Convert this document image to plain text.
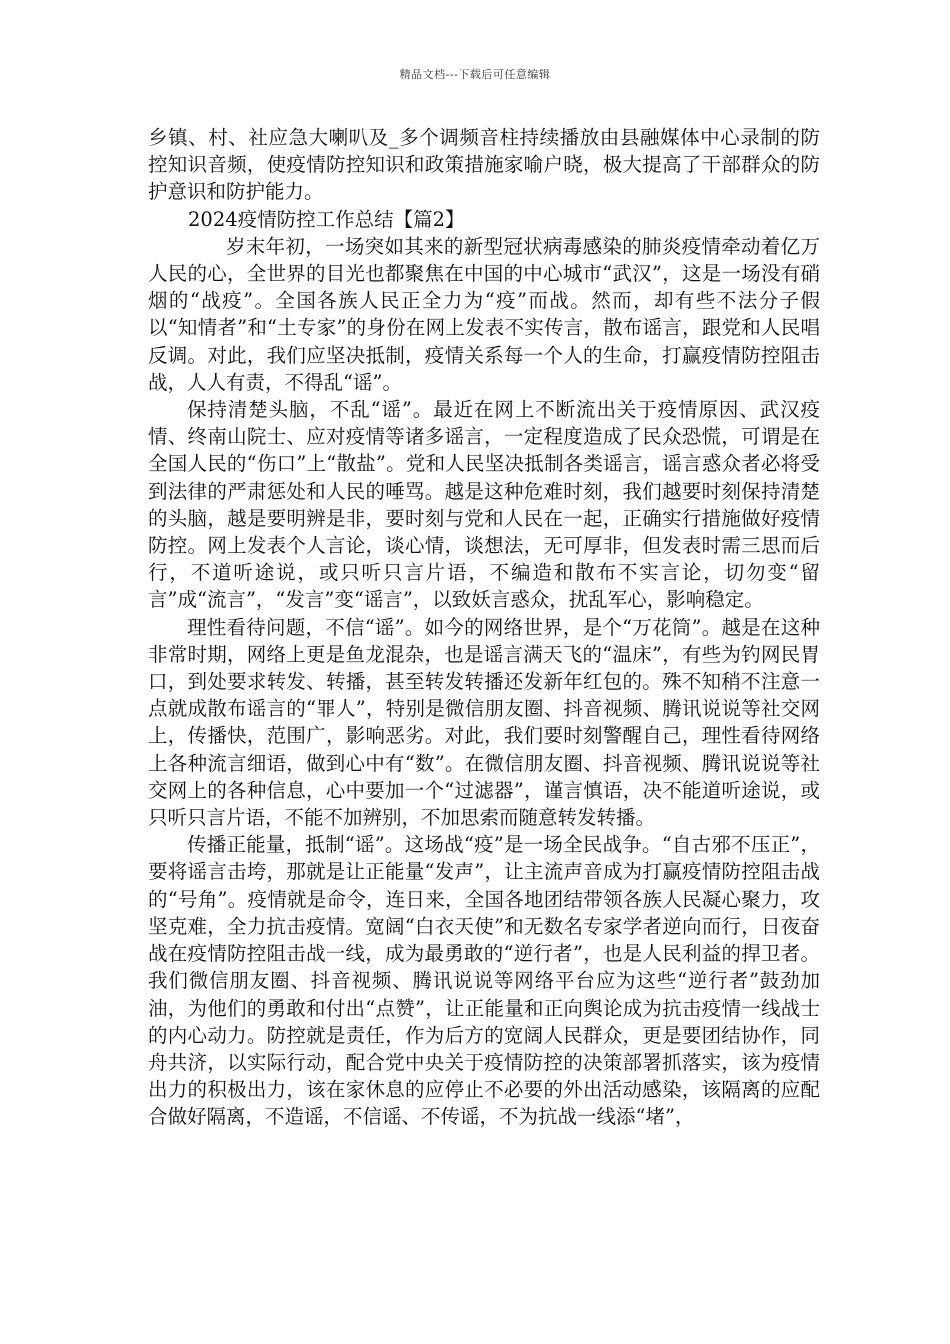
精品文档---下载后可任意编辑

乡镇、村、社应急大喇叭及_多个调频音柱持续播放由县融媒体中心录制的防控知识音频，使疫情防控知识和政策措施家喻户晓，极大提高了干部群众的防护意识和防护能力。

2024疫情防控工作总结【篇2】

岁末年初，一场突如其来的新型冠状病毒感染的肺炎疫情牵动着亿万人民的心，全世界的目光也都聚焦在中国的中心城市“武汉”，这是一场没有硝烟的“战疫”。全国各族人民正全力为“疫”而战。然而，却有些不法分子假以“知情者”和“土专家”的身份在网上发表不实传言，散布谣言，跟党和人民唱反调。对此，我们应坚决抵制，疫情关系每一个人的生命，打赢疫情防控阻击战，人人有责，不得乱“谣”。

保持清楚头脑，不乱“谣”。最近在网上不断流出关于疫情原因、武汉疫情、终南山院士、应对疫情等诸多谣言，一定程度造成了民众恐慌，可谓是在全国人民的“伤口”上“散盐”。党和人民坚决抵制各类谣言，谣言惑众者必将受到法律的严肃惩处和人民的唾骂。越是这种危难时刻，我们越要时刻保持清楚的头脑，越是要明辨是非，要时刻与党和人民在一起，正确实行措施做好疫情防控。网上发表个人言论，谈心情，谈想法，无可厚非，但发表时需三思而后行，不道听途说，或只听只言片语，不编造和散布不实言论，切勿变“留言”成“流言”，“发言”变“谣言”，以致妖言惑众，扰乱军心，影响稳定。

理性看待问题，不信“谣”。如今的网络世界，是个“万花筒”。越是在这种非常时期，网络上更是鱼龙混杂，也是谣言满天飞的“温床”，有些为钓网民胃口，到处要求转发、转播，甚至转发转播还发新年红包的。殊不知稍不注意一点就成散布谣言的“罪人”，特别是微信朋友圈、抖音视频、腾讯说说等社交网上，传播快，范围广，影响恶劣。对此，我们要时刻警醒自己，理性看待网络上各种流言细语，做到心中有“数”。在微信朋友圈、抖音视频、腾讯说说等社交网上的各种信息，心中要加一个“过滤器”，谨言慎语，决不能道听途说，或只听只言片语，不能不加辨别，不加思索而随意转发转播。

传播正能量，抵制“谣”。这场战“疫”是一场全民战争。“自古邪不压正”，要将谣言击垮，那就是让正能量“发声”，让主流声音成为打赢疫情防控阻击战的“号角”。疫情就是命令，连日来，全国各地团结带领各族人民凝心聚力，攻坚克难，全力抗击疫情。宽阔“白衣天使”和无数名专家学者逆向而行，日夜奋战在疫情防控阻击战一线，成为最勇敢的“逆行者”，也是人民利益的捍卫者。我们微信朋友圈、抖音视频、腾讯说说等网络平台应为这些“逆行者”鼓劲加油，为他们的勇敢和付出“点赞”，让正能量和正向舆论成为抗击疫情一线战士的内心动力。防控就是责任，作为后方的宽阔人民群众，更是要团结协作，同舟共济，以实际行动，配合党中央关于疫情防控的决策部署抓落实，该为疫情出力的积极出力，该在家休息的应停止不必要的外出活动感染，该隔离的应配合做好隔离，不造谣，不信谣、不传谣，不为抗战一线添“堵”，
